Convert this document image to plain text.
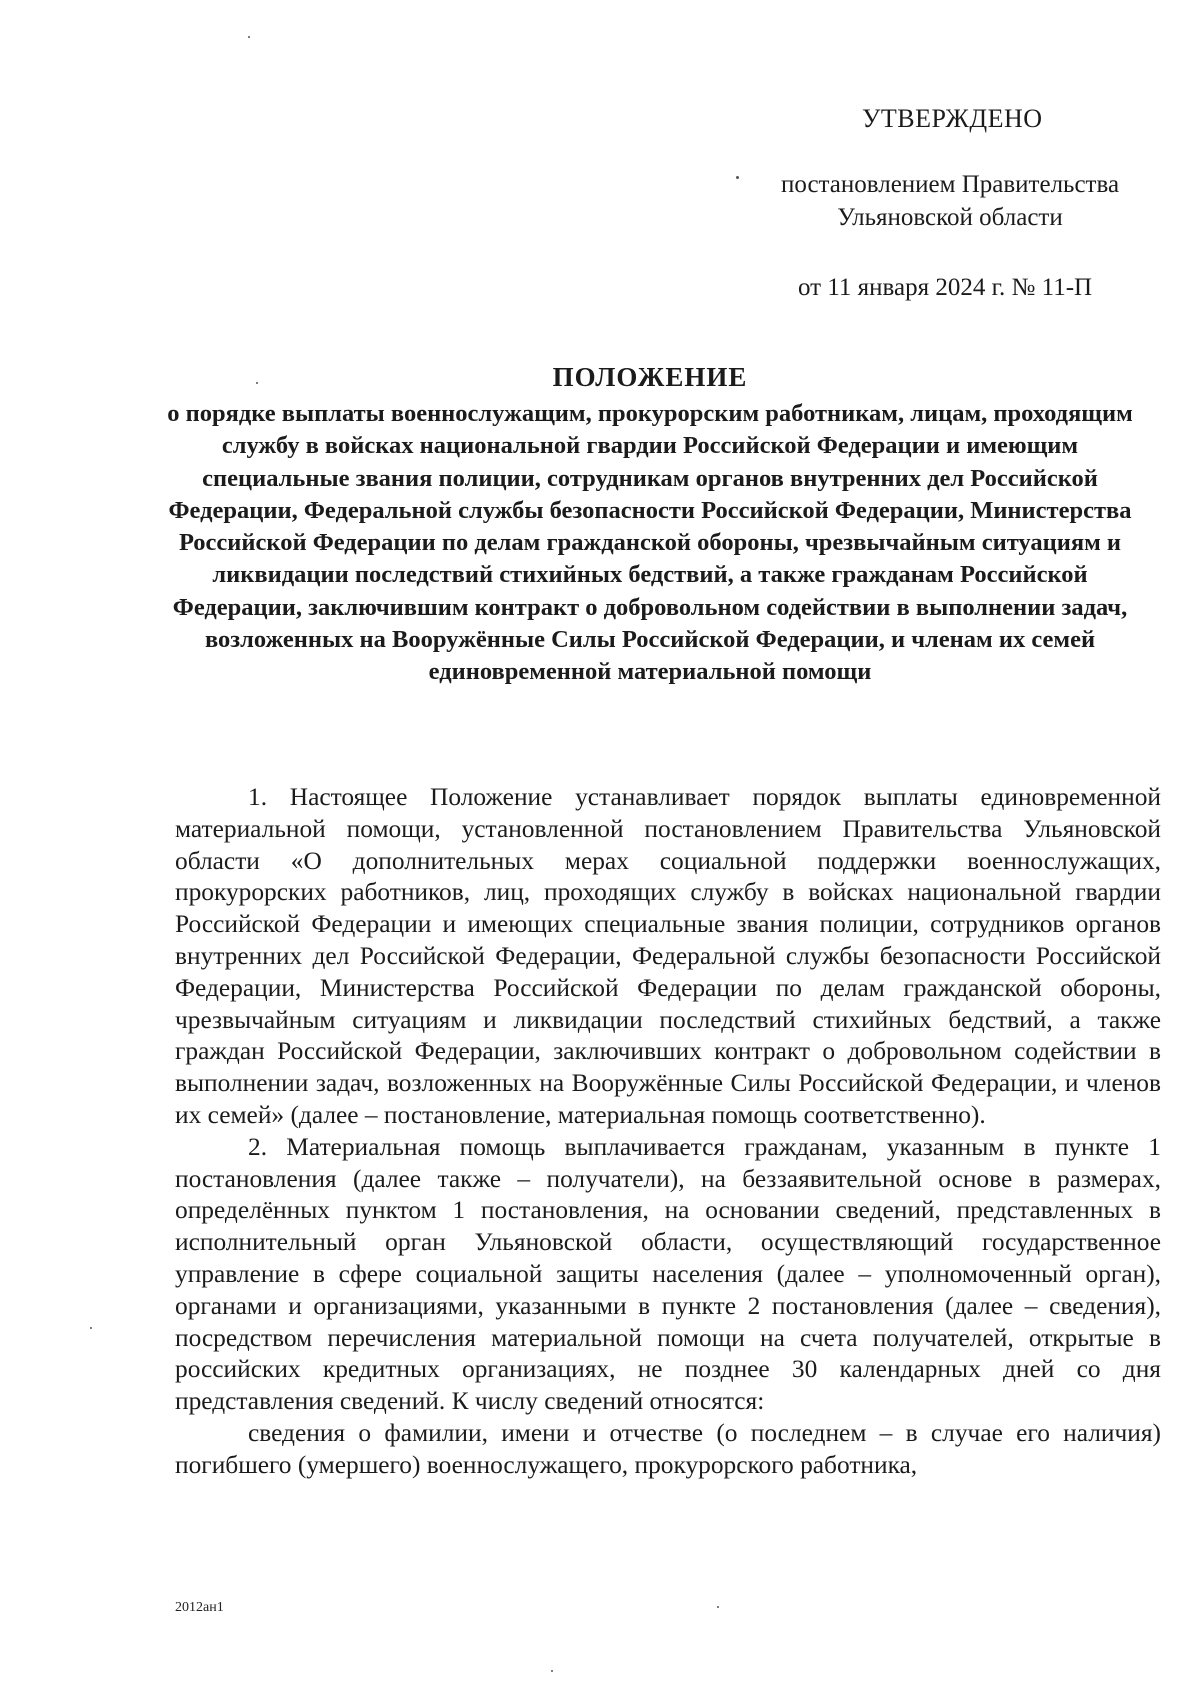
УТВЕРЖДЕНО
постановлением Правительства
Ульяновской области
от 11 января 2024 г. № 11-П
ПОЛОЖЕНИЕ

о порядке выплаты военнослужащим, прокурорским работникам, лицам, проходящим службу в войсках национальной гвардии Российской Федерации и имеющим специальные звания полиции, сотрудникам органов внутренних дел Российской Федерации, Федеральной службы безопасности Российской Федерации, Министерства Российской Федерации по делам гражданской обороны, чрезвычайным ситуациям и ликвидации последствий стихийных бедствий, а также гражданам Российской Федерации, заключившим контракт о добровольном содействии в выполнении задач, возложенных на Вооружённые Силы Российской Федерации, и членам их семей единовременной материальной помощи

1. Настоящее Положение устанавливает порядок выплаты единовременной материальной помощи, установленной постановлением Правительства Ульяновской области «О дополнительных мерах социальной поддержки военнослужащих, прокурорских работников, лиц, проходящих службу в войсках национальной гвардии Российской Федерации и имеющих специальные звания полиции, сотрудников органов внутренних дел Российской Федерации, Федеральной службы безопасности Российской Федерации, Министерства Российской Федерации по делам гражданской обороны, чрезвычайным ситуациям и ликвидации последствий стихийных бедствий, а также граждан Российской Федерации, заключивших контракт о добровольном содействии в выполнении задач, возложенных на Вооружённые Силы Российской Федерации, и членов их семей» (далее – постановление, материальная помощь соответственно).

2. Материальная помощь выплачивается гражданам, указанным в пункте 1 постановления (далее также – получатели), на беззаявительной основе в размерах, определённых пунктом 1 постановления, на основании сведений, представленных в исполнительный орган Ульяновской области, осуществляющий государственное управление в сфере социальной защиты населения (далее – уполномоченный орган), органами и организациями, указанными в пункте 2 постановления (далее – сведения), посредством перечисления материальной помощи на счета получателей, открытые в российских кредитных организациях, не позднее 30 календарных дней со дня представления сведений. К числу сведений относятся:

сведения о фамилии, имени и отчестве (о последнем – в случае его наличия) погибшего (умершего) военнослужащего, прокурорского работника,

2012ан1
